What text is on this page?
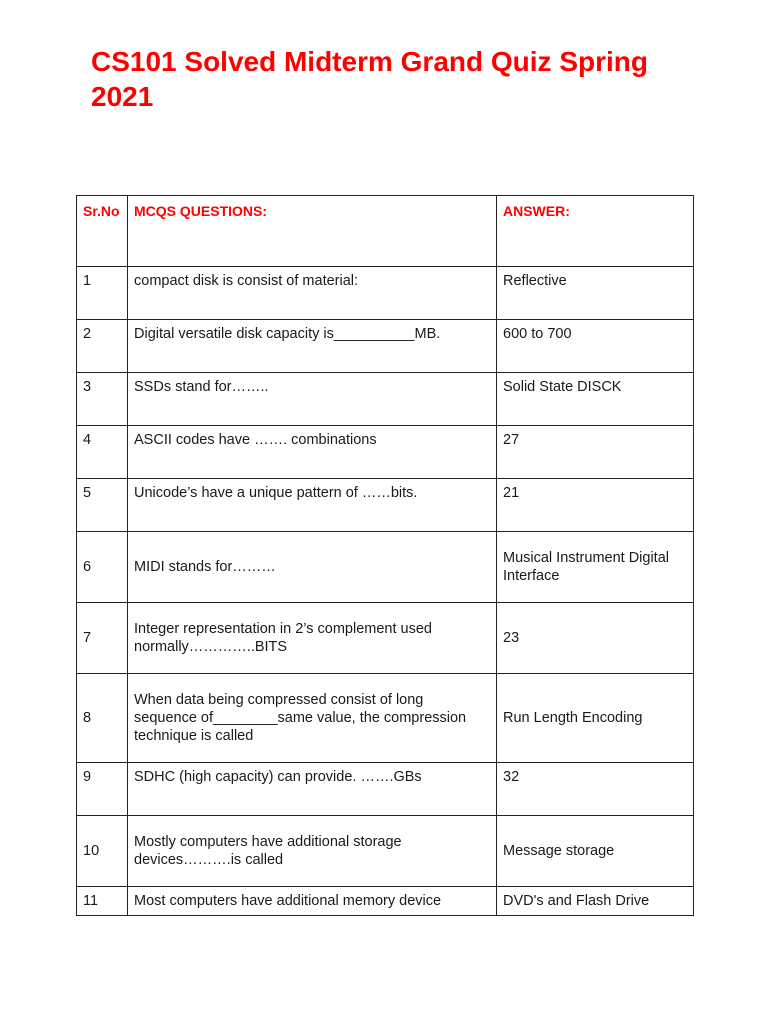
CS101 Solved Midterm Grand Quiz Spring 2021
Sr.No	MCQS QUESTIONS:	ANSWER:
1	compact disk is consist of material:	Reflective
2	Digital versatile disk capacity is__________MB.	600 to 700
3	SSDs stand for……..	Solid State DISCK
4	ASCII codes have ……. combinations	27
5	Unicode’s have a unique pattern of ……bits.	21
6	MIDI stands for………	Musical Instrument Digital Interface
7	Integer representation in 2’s complement used normally…………..BITS	23
8	When data being compressed consist of long sequence of________same value, the compression technique is called	Run Length Encoding
9	SDHC (high capacity) can provide. …….GBs	32
10	Mostly computers have additional storage devices……….is called	Message storage
11	Most computers have additional memory device	DVD's and Flash Drive
